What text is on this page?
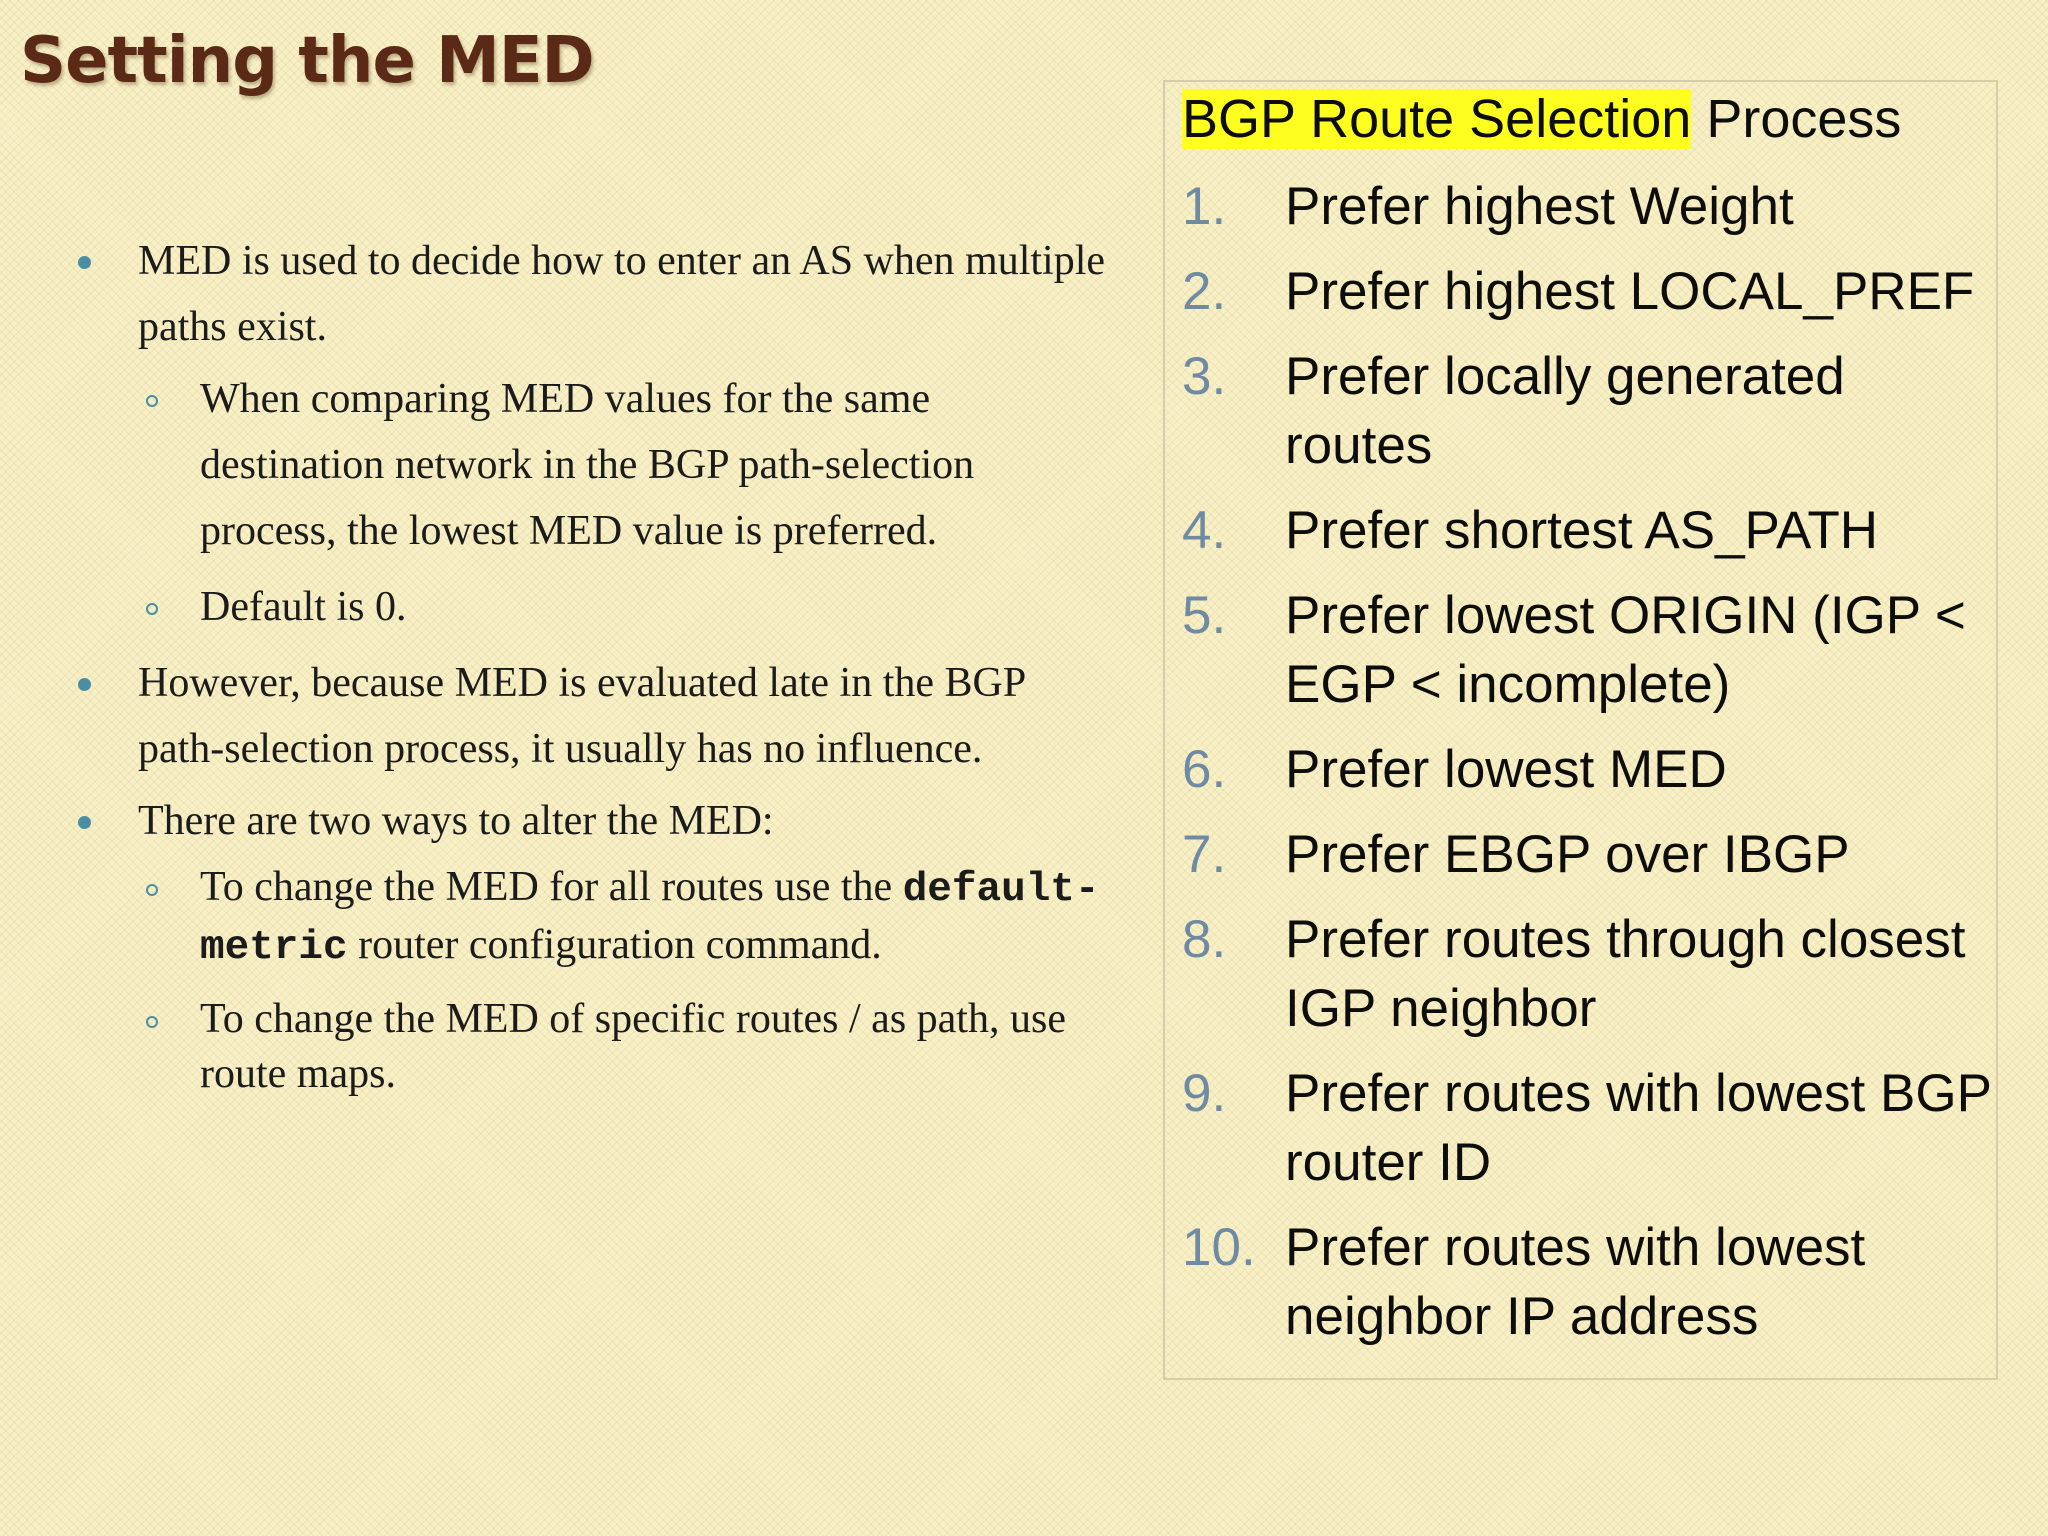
Setting the MED
MED is used to decide how to enter an AS when multiple paths exist.
When comparing MED values for the same destination network in the BGP path-selection process, the lowest MED value is preferred.
Default is 0.
However, because MED is evaluated late in the BGP path-selection process, it usually has no influence.
There are two ways to alter the MED:
To change the MED for all routes use the default-metric router configuration command.
To change the MED of specific routes / as path, use route maps.
BGP Route Selection Process
1. Prefer highest Weight
2. Prefer highest LOCAL_PREF
3. Prefer locally generated routes
4. Prefer shortest AS_PATH
5. Prefer lowest ORIGIN (IGP < EGP < incomplete)
6. Prefer lowest MED
7. Prefer EBGP over IBGP
8. Prefer routes through closest IGP neighbor
9. Prefer routes with lowest BGP router ID
10. Prefer routes with lowest neighbor IP address
